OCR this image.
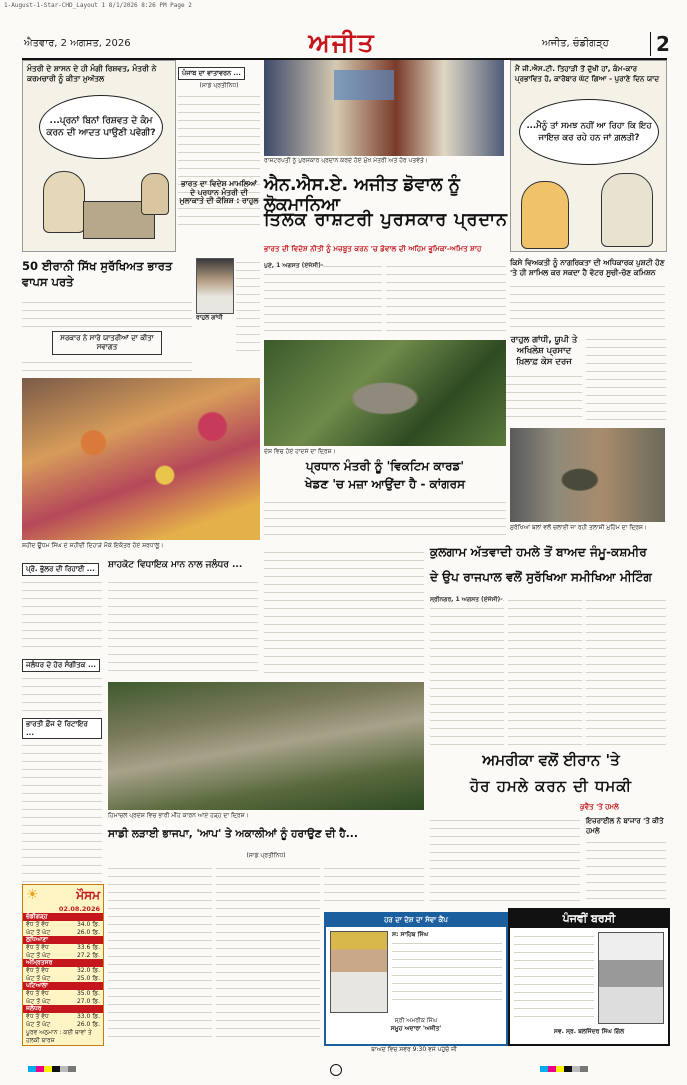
1-August-1-Star-CHD_Layout 1 8/1/2026 8:26 PM Page 2
ਐਤਵਾਰ, 2 ਅਗਸਤ, 2026	ਅਜੀਤ	ਅਜੀਤ, ਚੰਡੀਗੜ੍ਹ	2
ਮੰਤਰੀ ਦੇ ਸ਼ਾਸਨ ਦੇ ਹੀ ਮੰਗੀ ਰਿਸ਼ਵਤ, ਮੰਤਰੀ ਨੇ ਕਰਮਚਾਰੀ ਨੂੰ ਕੀਤਾ ਮੁਅੱਤਲ
...ਪ੍ਰਨਾਂ ਬਿਨਾਂ ਰਿਸ਼ਵਤ ਦੇ ਕੰਮ ਕਰਨ ਦੀ ਆਦਤ ਪਾਉਣੀ ਪਵੇਗੀ?
ਪੰਜਾਬ ਦਾ ਵਾਤਾਵਰਨ ...
(ਸਾਡੇ ਪ੍ਰਤੀਨਿਧ)
ਭਾਰਤ ਦਾ ਵਿਦੇਸ਼ ਮਾਮਲਿਆਂ ਦੇ ਪ੍ਰਧਾਨ ਮੰਤਰੀ ਦੀ ਮੁਲਾਕਾਤ ਦੀ ਕੋਸ਼ਿਸ਼ : ਰਾਹੁਲ
ਰਾਸ਼ਟਰਪਤੀ ਨੂੰ ਪੁਰਸਕਾਰ ਪ੍ਰਦਾਨ ਕਰਦੇ ਹੋਏ ਮੁੱਖ ਮੰਤਰੀ ਅਤੇ ਹੋਰ ਪਤਵੰਤੇ।
ਐਨ.ਐਸ.ਏ. ਅਜੀਤ ਡੋਵਾਲ ਨੂੰ ਲੋਕਮਾਨਿਆ
ਤਿਲਕ ਰਾਸ਼ਟਰੀ ਪੁਰਸਕਾਰ ਪ੍ਰਦਾਨ
ਭਾਰਤ ਦੀ ਵਿਦੇਸ਼ ਨੀਤੀ ਨੂੰ ਮਜ਼ਬੂਤ ਕਰਨ 'ਚ ਡੋਵਾਲ ਦੀ ਅਹਿਮ ਭੂਮਿਕਾ-ਅਮਿਤ ਸ਼ਾਹ
ਪੁਣੇ, 1 ਅਗਸਤ (ਏਜੰਸੀ)-
ਮੈਂ ਜੀ.ਐਸ.ਟੀ. ਤਿਹਾੜੀ ਤੋਂ ਦੁੱਖੀ ਹਾਂ, ਕੰਮ-ਕਾਰ ਪ੍ਰਭਾਵਿਤ ਹੋ, ਕਾਰੋਬਾਰ ਘੱਟ ਗਿਆ - ਪੁਰਾਣੇ ਦਿਨ ਯਾਦ
...ਮੈਨੂੰ ਤਾਂ ਸਮਝ ਨਹੀਂ ਆ ਰਿਹਾ ਕਿ ਇਹ ਜਾਇਜ਼ ਕਰ ਰਹੇ ਹਨ ਜਾਂ ਗ਼ਲਤੀ?
50 ਈਰਾਨੀ ਸਿੱਖ ਸੁਰੱਖਿਅਤ ਭਾਰਤ ਵਾਪਸ ਪਰਤੇ
ਸਰਕਾਰ ਨੇ ਸਾਰੇ ਯਾਤਰੀਆਂ ਦਾ ਕੀਤਾ ਸਵਾਗਤ
ਰਾਹੁਲ ਗਾਂਧੀ
ਸ਼ਹੀਦ ਊਧਮ ਸਿੰਘ ਦੇ ਸ਼ਹੀਦੀ ਦਿਹਾੜੇ ਮੌਕੇ ਇਕੱਤਰ ਹੋਏ ਸ਼ਰਧਾਲੂ।
ਦੇਸ਼ ਵਿਚ ਹੋਏ ਹਾਦਸੇ ਦਾ ਦ੍ਰਿਸ਼।
ਪ੍ਰਧਾਨ ਮੰਤਰੀ ਨੂੰ 'ਵਿਕਟਿਮ ਕਾਰਡ'
ਖੇਡਣ 'ਚ ਮਜ਼ਾ ਆਉਂਦਾ ਹੈ - ਕਾਂਗਰਸ
ਕਿਸੇ ਵਿਅਕਤੀ ਨੂੰ ਨਾਗਰਿਕਤਾ ਦੀ ਅਧਿਕਾਰਕ ਪੁਸ਼ਟੀ ਹੋਣ 'ਤੇ ਹੀ ਸ਼ਾਮਿਲ ਕਰ ਸਕਦਾ ਹੈ ਵੋਟਰ ਸੂਚੀ-ਚੋਣ ਕਮਿਸ਼ਨ
ਰਾਹੁਲ ਗਾਂਧੀ, ਯੂਪੀ ਤੇ ਅਖਿਲੇਸ਼ ਪ੍ਰਸਾਦ ਖ਼ਿਲਾਫ਼ ਕੇਸ ਦਰਜ
ਸੁਰੱਖਿਆ ਬਲਾਂ ਵਲੋਂ ਚਲਾਈ ਜਾ ਰਹੀ ਤਲਾਸ਼ੀ ਮੁਹਿੰਮ ਦਾ ਦ੍ਰਿਸ਼।
ਕੁਲਗਾਮ ਅੱਤਵਾਦੀ ਹਮਲੇ ਤੋਂ ਬਾਅਦ ਜੰਮੂ-ਕਸ਼ਮੀਰ
ਦੇ ਉਪ ਰਾਜਪਾਲ ਵਲੋਂ ਸੁਰੱਖਿਆ ਸਮੀਖਿਆ ਮੀਟਿੰਗ
ਸ੍ਰੀਨਗਰ, 1 ਅਗਸਤ (ਏਜੰਸੀ)-
ਪ੍ਰੋ. ਭੁੱਲਰ ਦੀ ਰਿਹਾਈ ...
ਜਲੰਧਰ ਦੇ ਹੋਰ ਸੰਗੀਤਕ ...
ਭਾਰਤੀ ਫ਼ੌਜ ਦੇ ਰਿਟਾਇਰ ...
ਸ਼ਾਹਕੋਟ ਵਿਧਾਇਕ ਮਾਨ ਨਾਲ ਜਲੰਧਰ ...
ਹਿਮਾਚਲ ਪ੍ਰਦੇਸ਼ ਵਿਚ ਭਾਰੀ ਮੀਂਹ ਕਾਰਨ ਆਏ ਹੜ੍ਹ ਦਾ ਦ੍ਰਿਸ਼।
ਅਮਰੀਕਾ ਵਲੋਂ ਈਰਾਨ 'ਤੇ
ਹੋਰ ਹਮਲੇ ਕਰਨ ਦੀ ਧਮਕੀ
ਕੁਵੈਤ 'ਤੇ ਹਮਲੇ
ਇਜ਼ਰਾਈਲ ਨੇ ਬਾਜਾਰ 'ਤੇ ਕੀਤੇ ਹਮਲੇ
ਸਾਡੀ ਲੜਾਈ ਭਾਜਪਾ, 'ਆਪ' ਤੇ ਅਕਾਲੀਆਂ ਨੂੰ ਹਰਾਉਣ ਦੀ ਹੈ...
(ਸਾਡੇ ਪ੍ਰਤੀਨਿਧ)
ਹਰ ਦਾ ਦੇਸ਼ ਦਾ ਸੇਵਾ ਕੈਂਪ
ਸ: ਸਾਹਿਬ ਸਿੰਘ
ਸ੍ਰੀ ਅਮਰੀਕ ਸਿੰਘ
ਸਮੂਹ ਅਦਾਰਾ 'ਅਜੀਤ'
ਪੰਜਵੀਂ ਬਰਸੀ
ਸਵ. ਸ੍ਰ. ਬਲਜਿੰਦਰ ਸਿੰਘ ਗਿੱਲ
☀	ਮੌਸਮ
02.08.2026
ਚੰਡੀਗੜ੍ਹ
ਵੱਧ ਤੋਂ ਵੱਧ	34.0 ਡਿ.
ਘੱਟ ਤੋਂ ਘੱਟ	26.0 ਡਿ.
ਲੁਧਿਆਣਾ
ਵੱਧ ਤੋਂ ਵੱਧ	33.6 ਡਿ.
ਘੱਟ ਤੋਂ ਘੱਟ	27.2 ਡਿ.
ਅੰਮ੍ਰਿਤਸਰ
ਵੱਧ ਤੋਂ ਵੱਧ	32.0 ਡਿ.
ਘੱਟ ਤੋਂ ਘੱਟ	25.0 ਡਿ.
ਪਟਿਆਲਾ
ਵੱਧ ਤੋਂ ਵੱਧ	35.0 ਡਿ.
ਘੱਟ ਤੋਂ ਘੱਟ	27.0 ਡਿ.
ਜਲੰਧਰ
ਵੱਧ ਤੋਂ ਵੱਧ	33.0 ਡਿ.
ਘੱਟ ਤੋਂ ਘੱਟ	26.0 ਡਿ.
ਪੂਰਵ ਅਨੁਮਾਨ : ਕਈ ਥਾਵਾਂ ਤੇ ਹਲਕੀ ਬਾਰਸ਼
ਬਾਅਦ ਵਿਚ ਸਵੇਰ 9:30 ਵਜੇ ਪਹੁੰਚੋ ਜੀ
